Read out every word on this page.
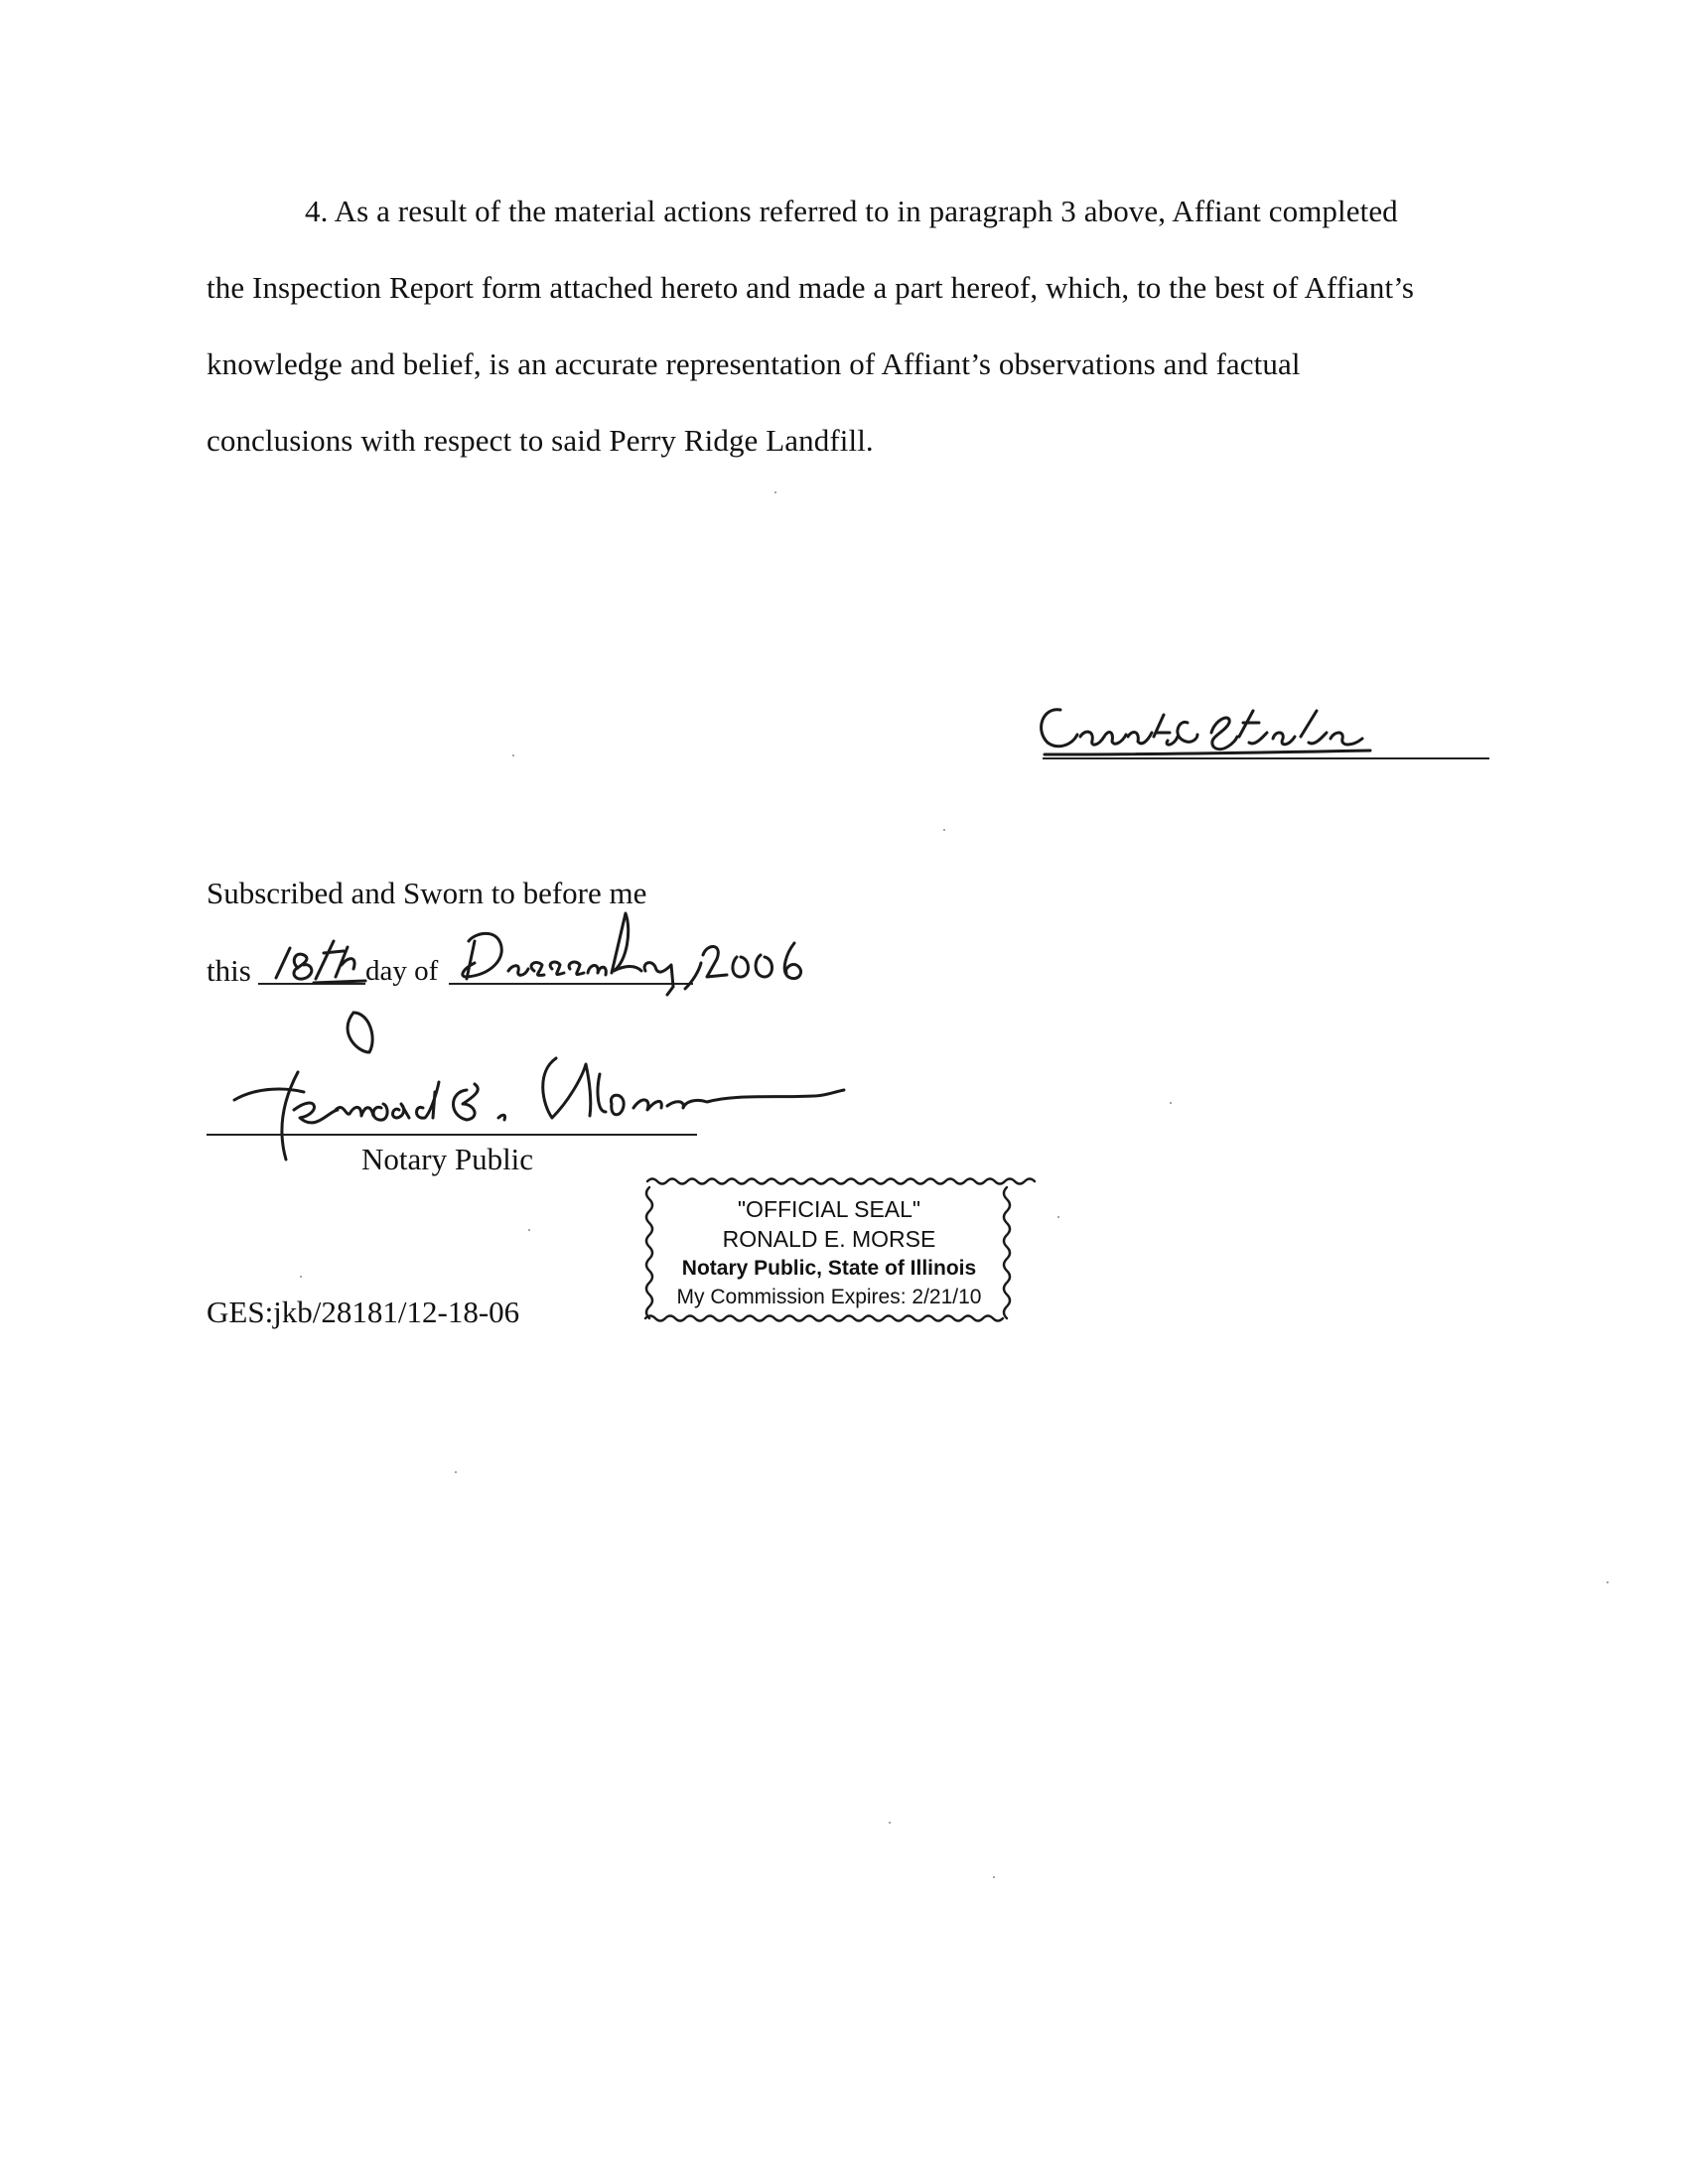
4. As a result of the material actions referred to in paragraph 3 above, Affiant completed
the Inspection Report form attached hereto and made a part hereof, which, to the best of Affiant’s
knowledge and belief, is an accurate representation of Affiant’s observations and factual
conclusions with respect to said Perry Ridge Landfill.
Subscribed and Sworn to before me
this	day of
Notary Public
"OFFICIAL SEAL"
RONALD E. MORSE
Notary Public, State of Illinois
My Commission Expires: 2/21/10
GES:jkb/28181/12-18-06
